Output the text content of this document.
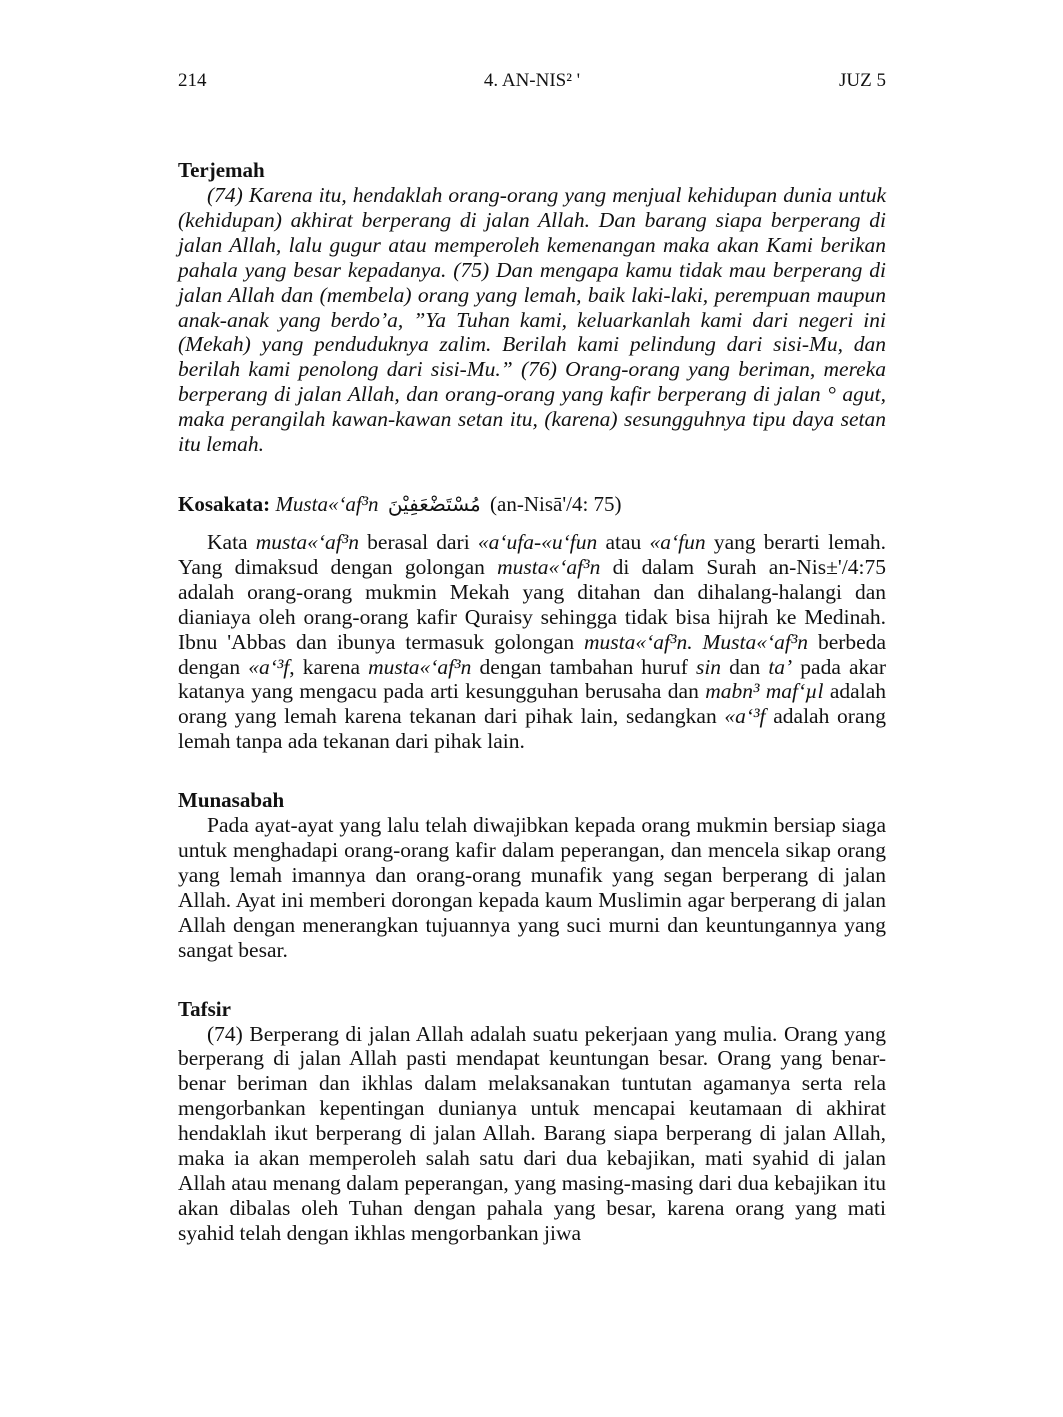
214	4. AN-NIS² '	JUZ 5
Terjemah

(74) Karena itu, hendaklah orang-orang yang menjual kehidupan dunia untuk (kehidupan) akhirat berperang di jalan Allah. Dan barang siapa berperang di jalan Allah, lalu gugur atau memperoleh kemenangan maka akan Kami berikan pahala yang besar kepadanya. (75) Dan mengapa kamu tidak mau berperang di jalan Allah dan (membela) orang yang lemah, baik laki-laki, perempuan maupun anak-anak yang berdo’a, ”Ya Tuhan kami, keluarkanlah kami dari negeri ini (Mekah) yang penduduknya zalim. Berilah kami pelindung dari sisi-Mu, dan berilah kami penolong dari sisi-Mu.” (76) Orang-orang yang beriman, mereka berperang di jalan Allah, dan orang-orang yang kafir berperang di jalan ° agut, maka perangilah kawan-kawan setan itu, (karena) sesungguhnya tipu daya setan itu lemah.

Kosakata: Musta«‘af³n مُسْتَضْعَفِيْنَ (an-Nisā'/4: 75)

Kata musta«‘af³n berasal dari «a‘ufa-«u‘fun atau «a‘fun yang berarti lemah. Yang dimaksud dengan golongan musta«‘af³n di dalam Surah an-Nis±'/4:75 adalah orang-orang mukmin Mekah yang ditahan dan dihalang-halangi dan dianiaya oleh orang-orang kafir Quraisy sehingga tidak bisa hijrah ke Medinah. Ibnu 'Abbas dan ibunya termasuk golongan musta«‘af³n. Musta«‘af³n berbeda dengan «a‘³f, karena musta«‘af³n dengan tambahan huruf sin dan ta’ pada akar katanya yang mengacu pada arti kesungguhan berusaha dan mabn³ maf‘µl adalah orang yang lemah karena tekanan dari pihak lain, sedangkan «a‘³f adalah orang lemah tanpa ada tekanan dari pihak lain.

Munasabah

Pada ayat-ayat yang lalu telah diwajibkan kepada orang mukmin bersiap siaga untuk menghadapi orang-orang kafir dalam peperangan, dan mencela sikap orang yang lemah imannya dan orang-orang munafik yang segan berperang di jalan Allah. Ayat ini memberi dorongan kepada kaum Muslimin agar berperang di jalan Allah dengan menerangkan tujuannya yang suci murni dan keuntungannya yang sangat besar.

Tafsir

(74) Berperang di jalan Allah adalah suatu pekerjaan yang mulia. Orang yang berperang di jalan Allah pasti mendapat keuntungan besar. Orang yang benar-benar beriman dan ikhlas dalam melaksanakan tuntutan agamanya serta rela mengorbankan kepentingan dunianya untuk mencapai keutamaan di akhirat hendaklah ikut berperang di jalan Allah. Barang siapa berperang di jalan Allah, maka ia akan memperoleh salah satu dari dua kebajikan, mati syahid di jalan Allah atau menang dalam peperangan, yang masing-masing dari dua kebajikan itu akan dibalas oleh Tuhan dengan pahala yang besar, karena orang yang mati syahid telah dengan ikhlas mengorbankan jiwa
